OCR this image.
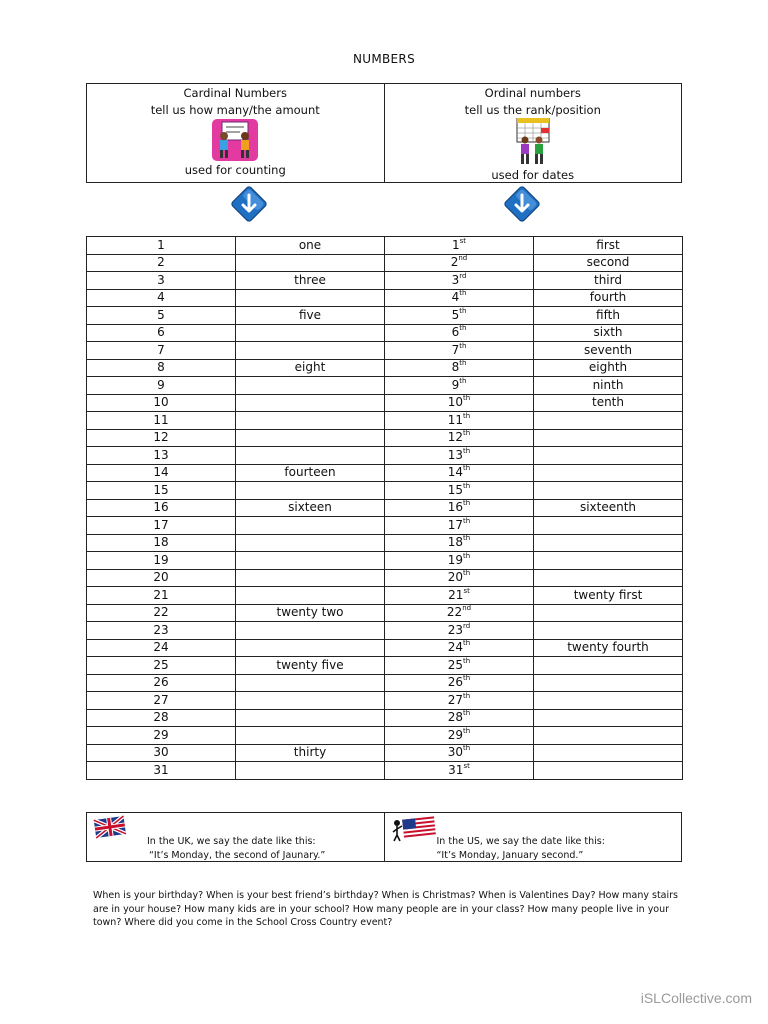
NUMBERS
Cardinal Numbers
tell us how many/the amount
used for counting
Ordinal numbers
tell us the rank/position
used for dates
1	one	1st	first
2		2nd	second
3	three	3rd	third
4		4th	fourth
5	five	5th	fifth
6		6th	sixth
7		7th	seventh
8	eight	8th	eighth
9		9th	ninth
10		10th	tenth
11		11th	
12		12th	
13		13th	
14	fourteen	14th	
15		15th	
16	sixteen	16th	sixteenth
17		17th	
18		18th	
19		19th	
20		20th	
21		21st	twenty first
22	twenty two	22nd	
23		23rd	
24		24th	twenty fourth
25	twenty five	25th	
26		26th	
27		27th	
28		28th	
29		29th	
30	thirty	30th	
31		31st	
In the UK, we say the date like this:
“It’s Monday, the second of Jaunary.”
In the US, we say the date like this:
“It’s Monday, January second.”
When is your birthday? When is your best friend’s birthday? When is Christmas? When is Valentines Day? How many stairs are in your house? How many kids are in your school? How many people are in your class? How many people live in your town? Where did you come in the School Cross Country event?
iSLCollective.com
